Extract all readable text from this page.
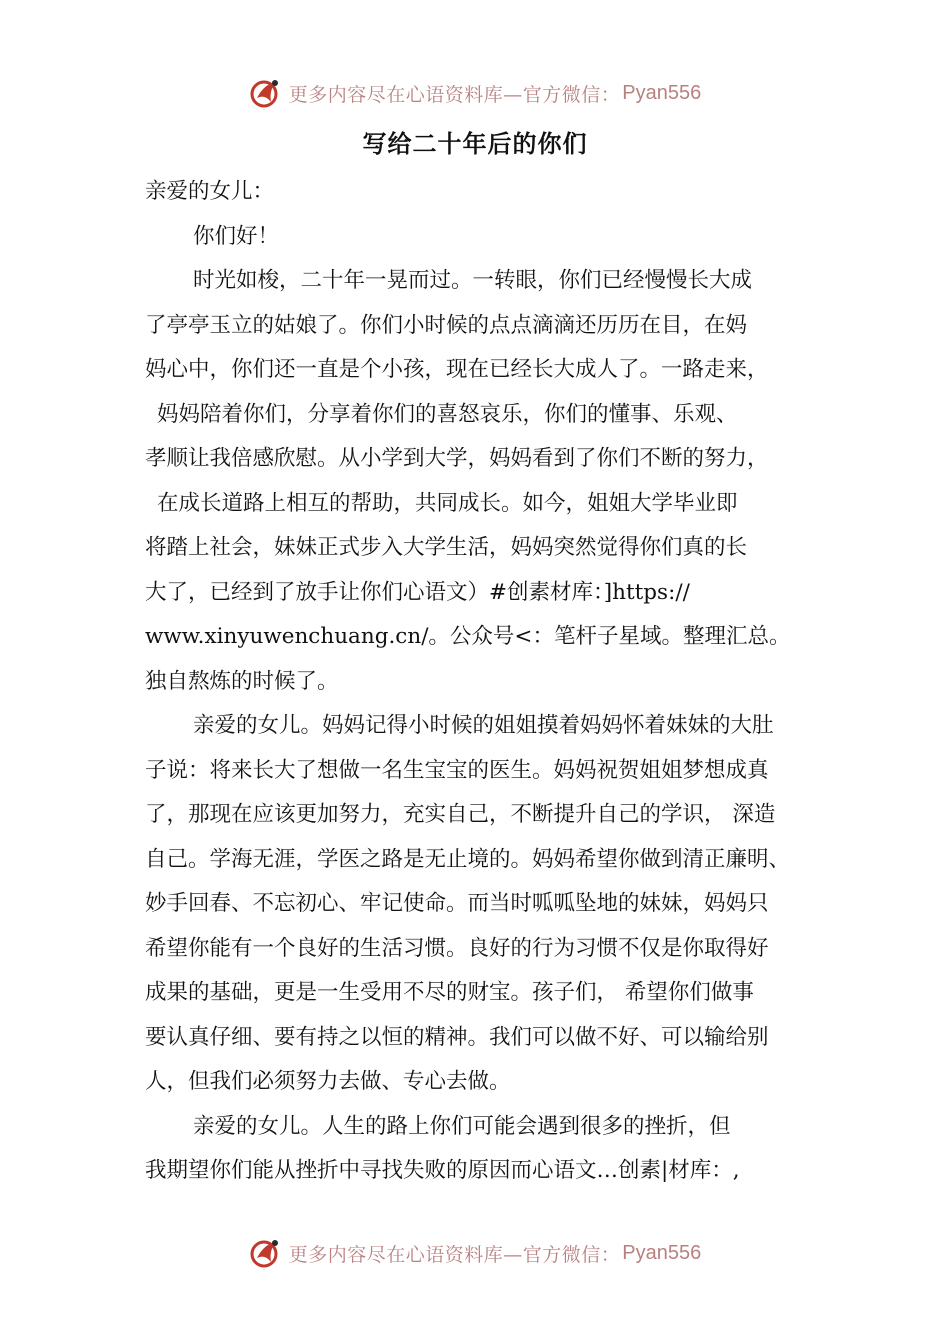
更多内容尽在心语资料库—官方微信： Pyan556
写给二十年后的你们
亲爱的女儿：
你们好！
时光如梭，二十年一晃而过。一转眼，你们已经慢慢长大成
了亭亭玉立的姑娘了。你们小时候的点点滴滴还历历在目，在妈
妈心中，你们还一直是个小孩，现在已经长大成人了。一路走来，
妈妈陪着你们，分享着你们的喜怒哀乐，你们的懂事、乐观、
孝顺让我倍感欣慰。从小学到大学，妈妈看到了你们不断的努力，
在成长道路上相互的帮助，共同成长。如今，姐姐大学毕业即
将踏上社会，妹妹正式步入大学生活，妈妈突然觉得你们真的长
大了，已经到了放手让你们心语文）#创素材库：]https://
www.xinyuwenchuang.cn/。公众号<：笔杆子星域。整理汇总。
独自熬炼的时候了。
亲爱的女儿。妈妈记得小时候的姐姐摸着妈妈怀着妹妹的大肚
子说：将来长大了想做一名生宝宝的医生。妈妈祝贺姐姐梦想成真
了，那现在应该更加努力，充实自己，不断提升自己的学识， 深造
自己。学海无涯，学医之路是无止境的。妈妈希望你做到清正廉明、
妙手回春、不忘初心、牢记使命。而当时呱呱坠地的妹妹，妈妈只
希望你能有一个良好的生活习惯。良好的行为习惯不仅是你取得好
成果的基础，更是一生受用不尽的财宝。孩子们， 希望你们做事
要认真仔细、要有持之以恒的精神。我们可以做不好、可以输给别
人，但我们必须努力去做、专心去做。
亲爱的女儿。人生的路上你们可能会遇到很多的挫折，但
我期望你们能从挫折中寻找失败的原因而心语文…创素|材库：,
更多内容尽在心语资料库—官方微信： Pyan556
